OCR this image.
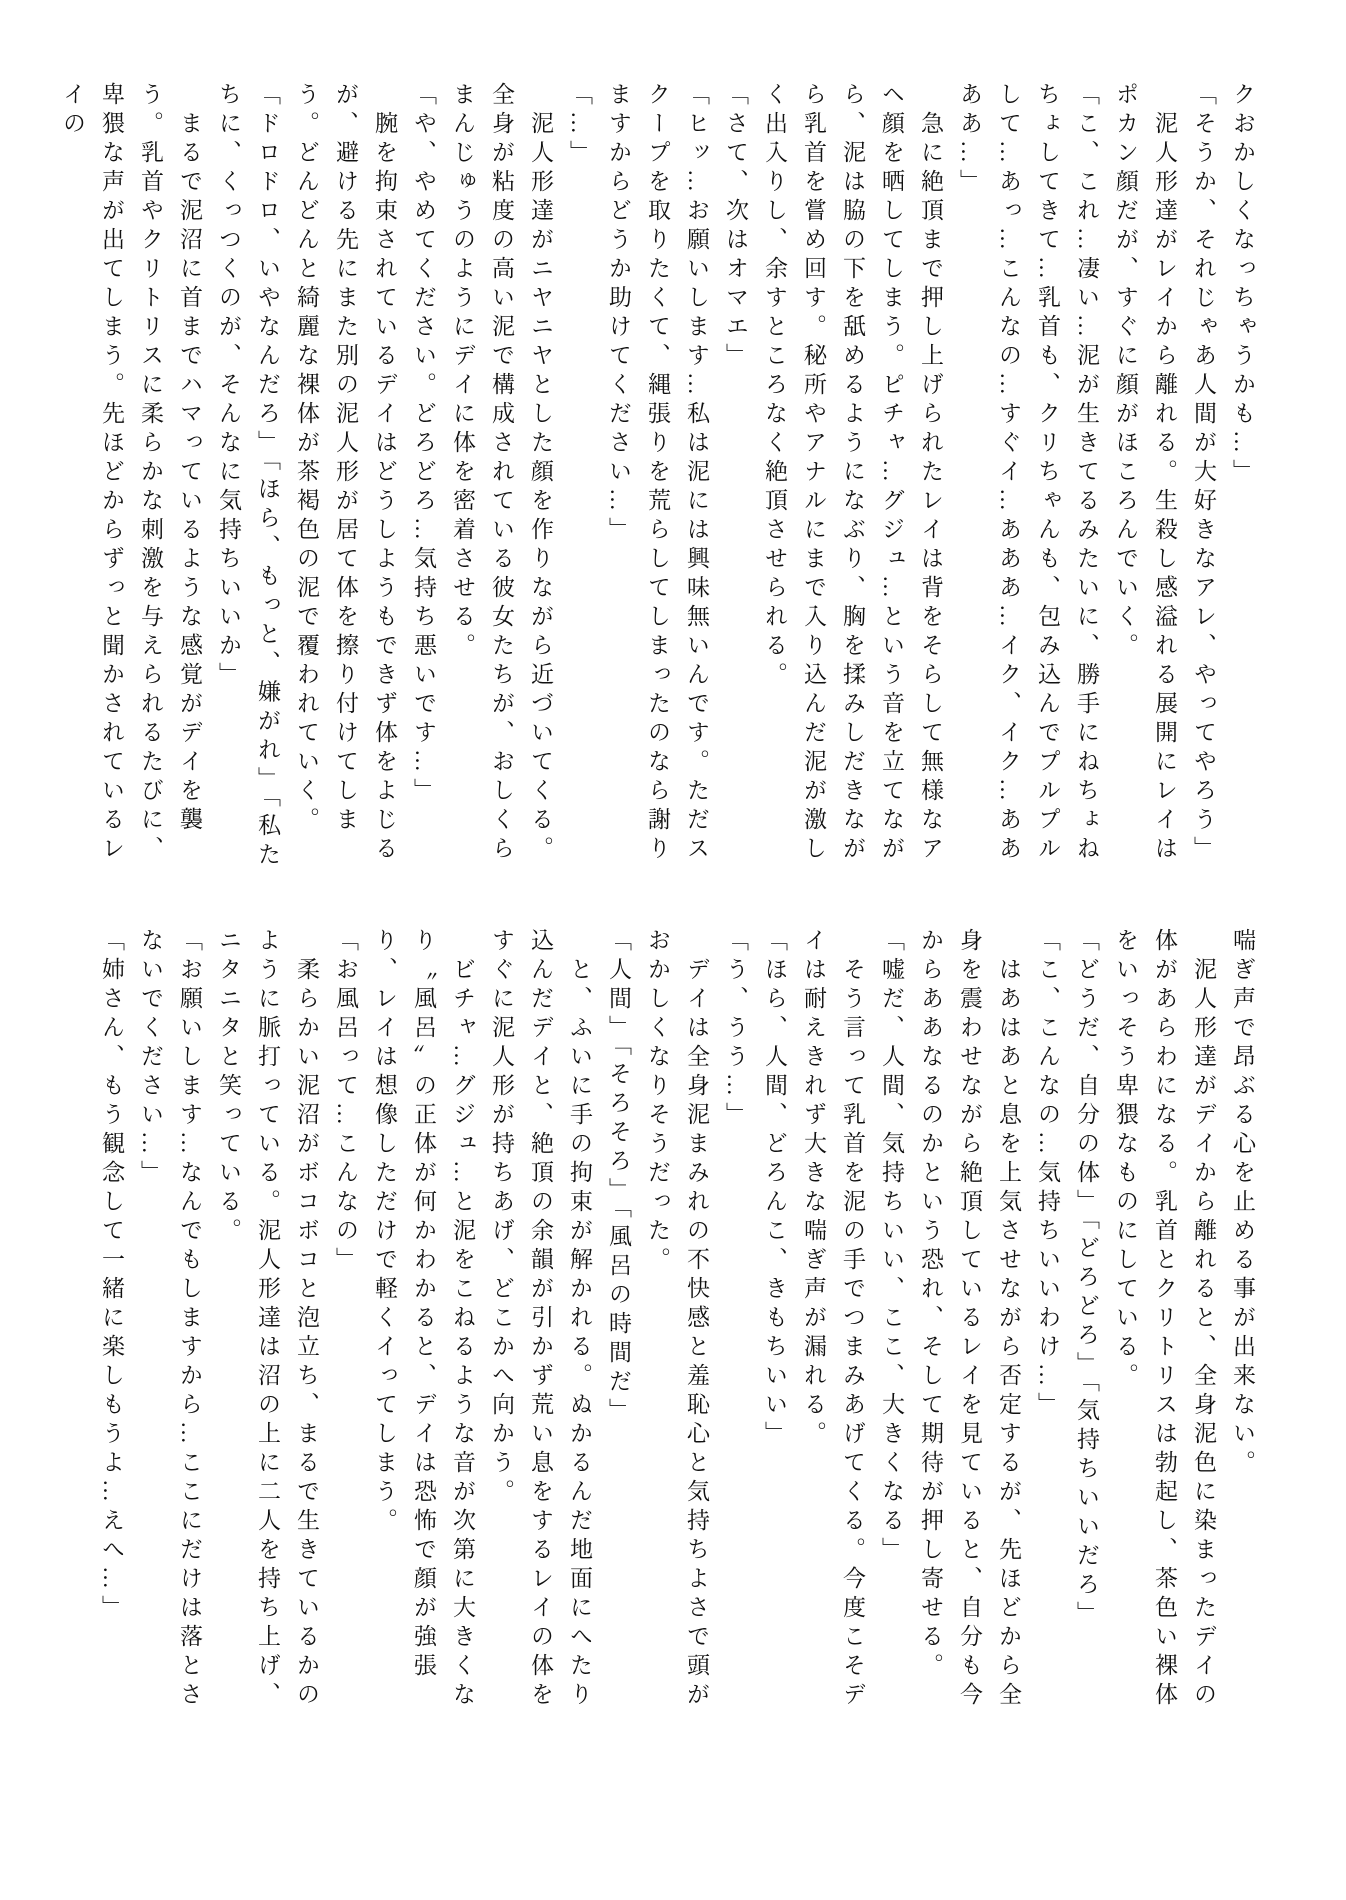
クおかしくなっちゃうかも…」

「そうか、それじゃあ人間が大好きなアレ、やってやろう」

　泥人形達がレイから離れる。生殺し感溢れる展開にレイはポカン顔だが、すぐに顔がほころんでいく。

「こ、これ…凄い…泥が生きてるみたいに、勝手にねちょねちょしてきて…乳首も、クリちゃんも、包み込んでプルプルして…あっ…こんなの…すぐイ…あああ…イク、イク…ああああ…」

　急に絶頂まで押し上げられたレイは背をそらして無様なアヘ顔を晒してしまう。ピチャ…グジュ…という音を立てながら、泥は脇の下を舐めるようになぶり、胸を揉みしだきながら乳首を嘗め回す。秘所やアナルにまで入り込んだ泥が激しく出入りし、余すところなく絶頂させられる。

「さて、次はオマエ」

「ヒッ…お願いします…私は泥には興味無いんです。ただスクープを取りたくて、縄張りを荒らしてしまったのなら謝りますからどうか助けてください…」

「…」

　泥人形達がニヤニヤとした顔を作りながら近づいてくる。全身が粘度の高い泥で構成されている彼女たちが、おしくらまんじゅうのようにデイに体を密着させる。

「や、やめてください。どろどろ…気持ち悪いです…」

　腕を拘束されているデイはどうしようもできず体をよじるが、避ける先にまた別の泥人形が居て体を擦り付けてしまう。どんどんと綺麗な裸体が茶褐色の泥で覆われていく。

「ドロドロ、いやなんだろ」「ほら、もっと、嫌がれ」「私たちに、くっつくのが、そんなに気持ちいいか」

　まるで泥沼に首までハマっているような感覚がデイを襲う。乳首やクリトリスに柔らかな刺激を与えられるたびに、卑猥な声が出てしまう。先ほどからずっと聞かされているレイの

喘ぎ声で昂ぶる心を止める事が出来ない。

　泥人形達がデイから離れると、全身泥色に染まったデイの体があらわになる。乳首とクリトリスは勃起し、茶色い裸体をいっそう卑猥なものにしている。

「どうだ、自分の体」「どろどろ」「気持ちいいだろ」

「こ、こんなの…気持ちいいわけ…」

　はあはあと息を上気させながら否定するが、先ほどから全身を震わせながら絶頂しているレイを見ていると、自分も今からああなるのかという恐れ、そして期待が押し寄せる。

「嘘だ、人間、気持ちいい、ここ、大きくなる」

　そう言って乳首を泥の手でつまみあげてくる。今度こそデイは耐えきれず大きな喘ぎ声が漏れる。

「ほら、人間、どろんこ、きもちいい」

「う、うう…」

　デイは全身泥まみれの不快感と羞恥心と気持ちよさで頭がおかしくなりそうだった。

「人間」「そろそろ」「風呂の時間だ」

　と、ふいに手の拘束が解かれる。ぬかるんだ地面にへたり込んだデイと、絶頂の余韻が引かず荒い息をするレイの体をすぐに泥人形が持ちあげ、どこかへ向かう。

　ビチャ…グジュ…と泥をこねるような音が次第に大きくなり〝風呂〟の正体が何かわかると、デイは恐怖で顔が強張り、レイは想像しただけで軽くイってしまう。

「お風呂って…こんなの」

　柔らかい泥沼がボコボコと泡立ち、まるで生きているかのように脈打っている。泥人形達は沼の上に二人を持ち上げ、ニタニタと笑っている。

「お願いします…なんでもしますから…ここにだけは落とさないでください…」

「姉さん、もう観念して一緒に楽しもうよ…えへ…」
